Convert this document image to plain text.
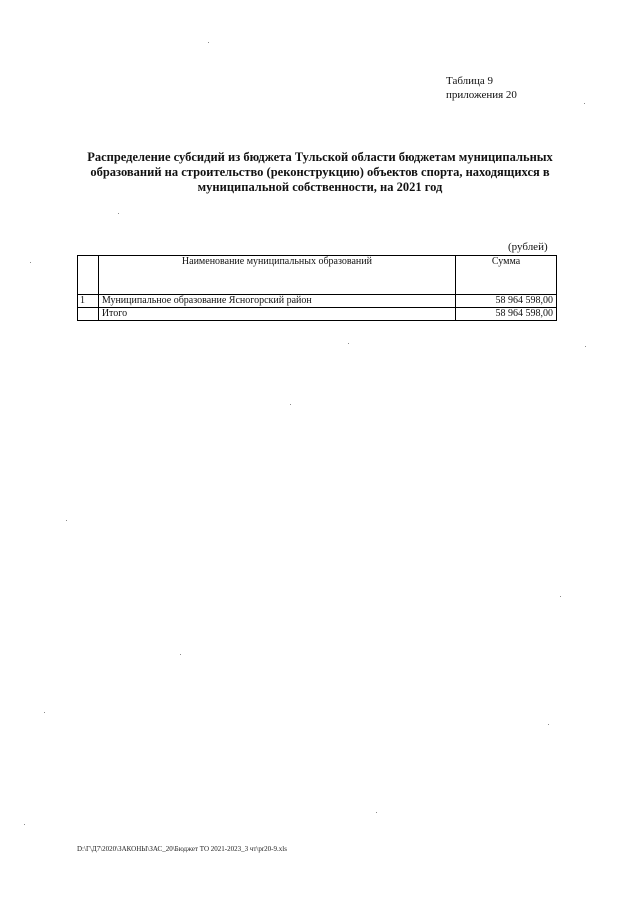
Таблица 9
приложения 20
Распределение субсидий из бюджета Тульской области бюджетам муниципальных образований на строительство (реконструкцию) объектов спорта, находящихся в муниципальной собственности, на 2021 год
(рублей)
	Наименование муниципальных образований	Сумма
1	Муниципальное образование Ясногорский район	58 964 598,00
	Итого	58 964 598,00
D:\Г\Д7\2020\ЗАКОНЫ\ЗАС_20\Бюджет ТО 2021-2023_3 чт\pr20-9.xls
